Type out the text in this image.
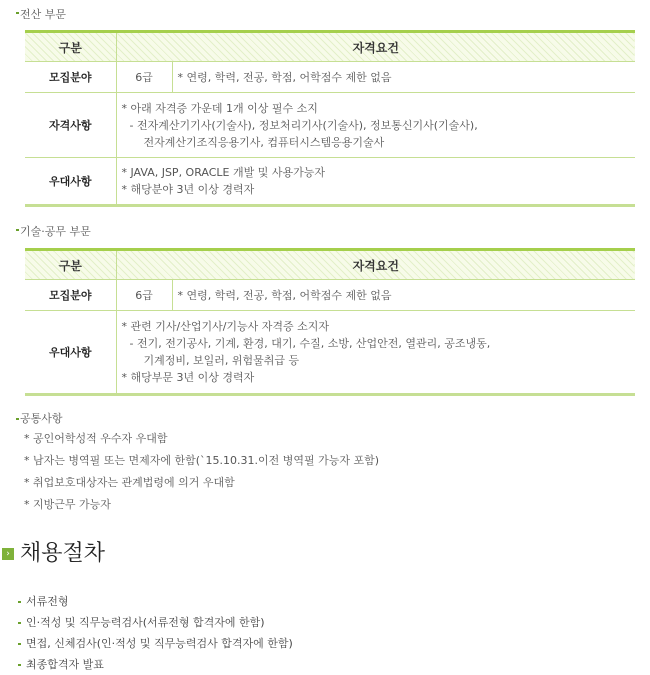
전산 부문
구분	자격요건	
모집분야	6급	* 연령, 학력, 전공, 학점, 어학점수 제한 없음
자격사항	* 아래 자격증 가운데 1개 이상 필수 소지
- 전자계산기기사(기술사), 정보처리기사(기술사), 정보통신기사(기술사),
전자계산기조직응용기사, 컴퓨터시스템응용기술사	

우대사항	* JAVA, JSP, ORACLE 개발 및 사용가능자
* 해당분야 3년 이상 경력자	
기술·공무 부문
구분	자격요건	
모집분야	6급	* 연령, 학력, 전공, 학점, 어학점수 제한 없음
우대사항	* 관련 기사/산업기사/기능사 자격증 소지자
- 전기, 전기공사, 기계, 환경, 대기, 수질, 소방, 산업안전, 열관리, 공조냉동,
기계정비, 보일러, 위험물취급 등
* 해당부문 3년 이상 경력자	
공통사항
* 공인어학성적 우수자 우대함
* 남자는 병역필 또는 면제자에 한함(`15.10.31.이전 병역필 가능자 포함)
* 취업보호대상자는 관계법령에 의거 우대함
* 지방근무 가능자
› 채용절차
서류전형
인·적성 및 직무능력검사(서류전형 합격자에 한함)
면접, 신체검사(인·적성 및 직무능력검사 합격자에 한함)
최종합격자 발표
